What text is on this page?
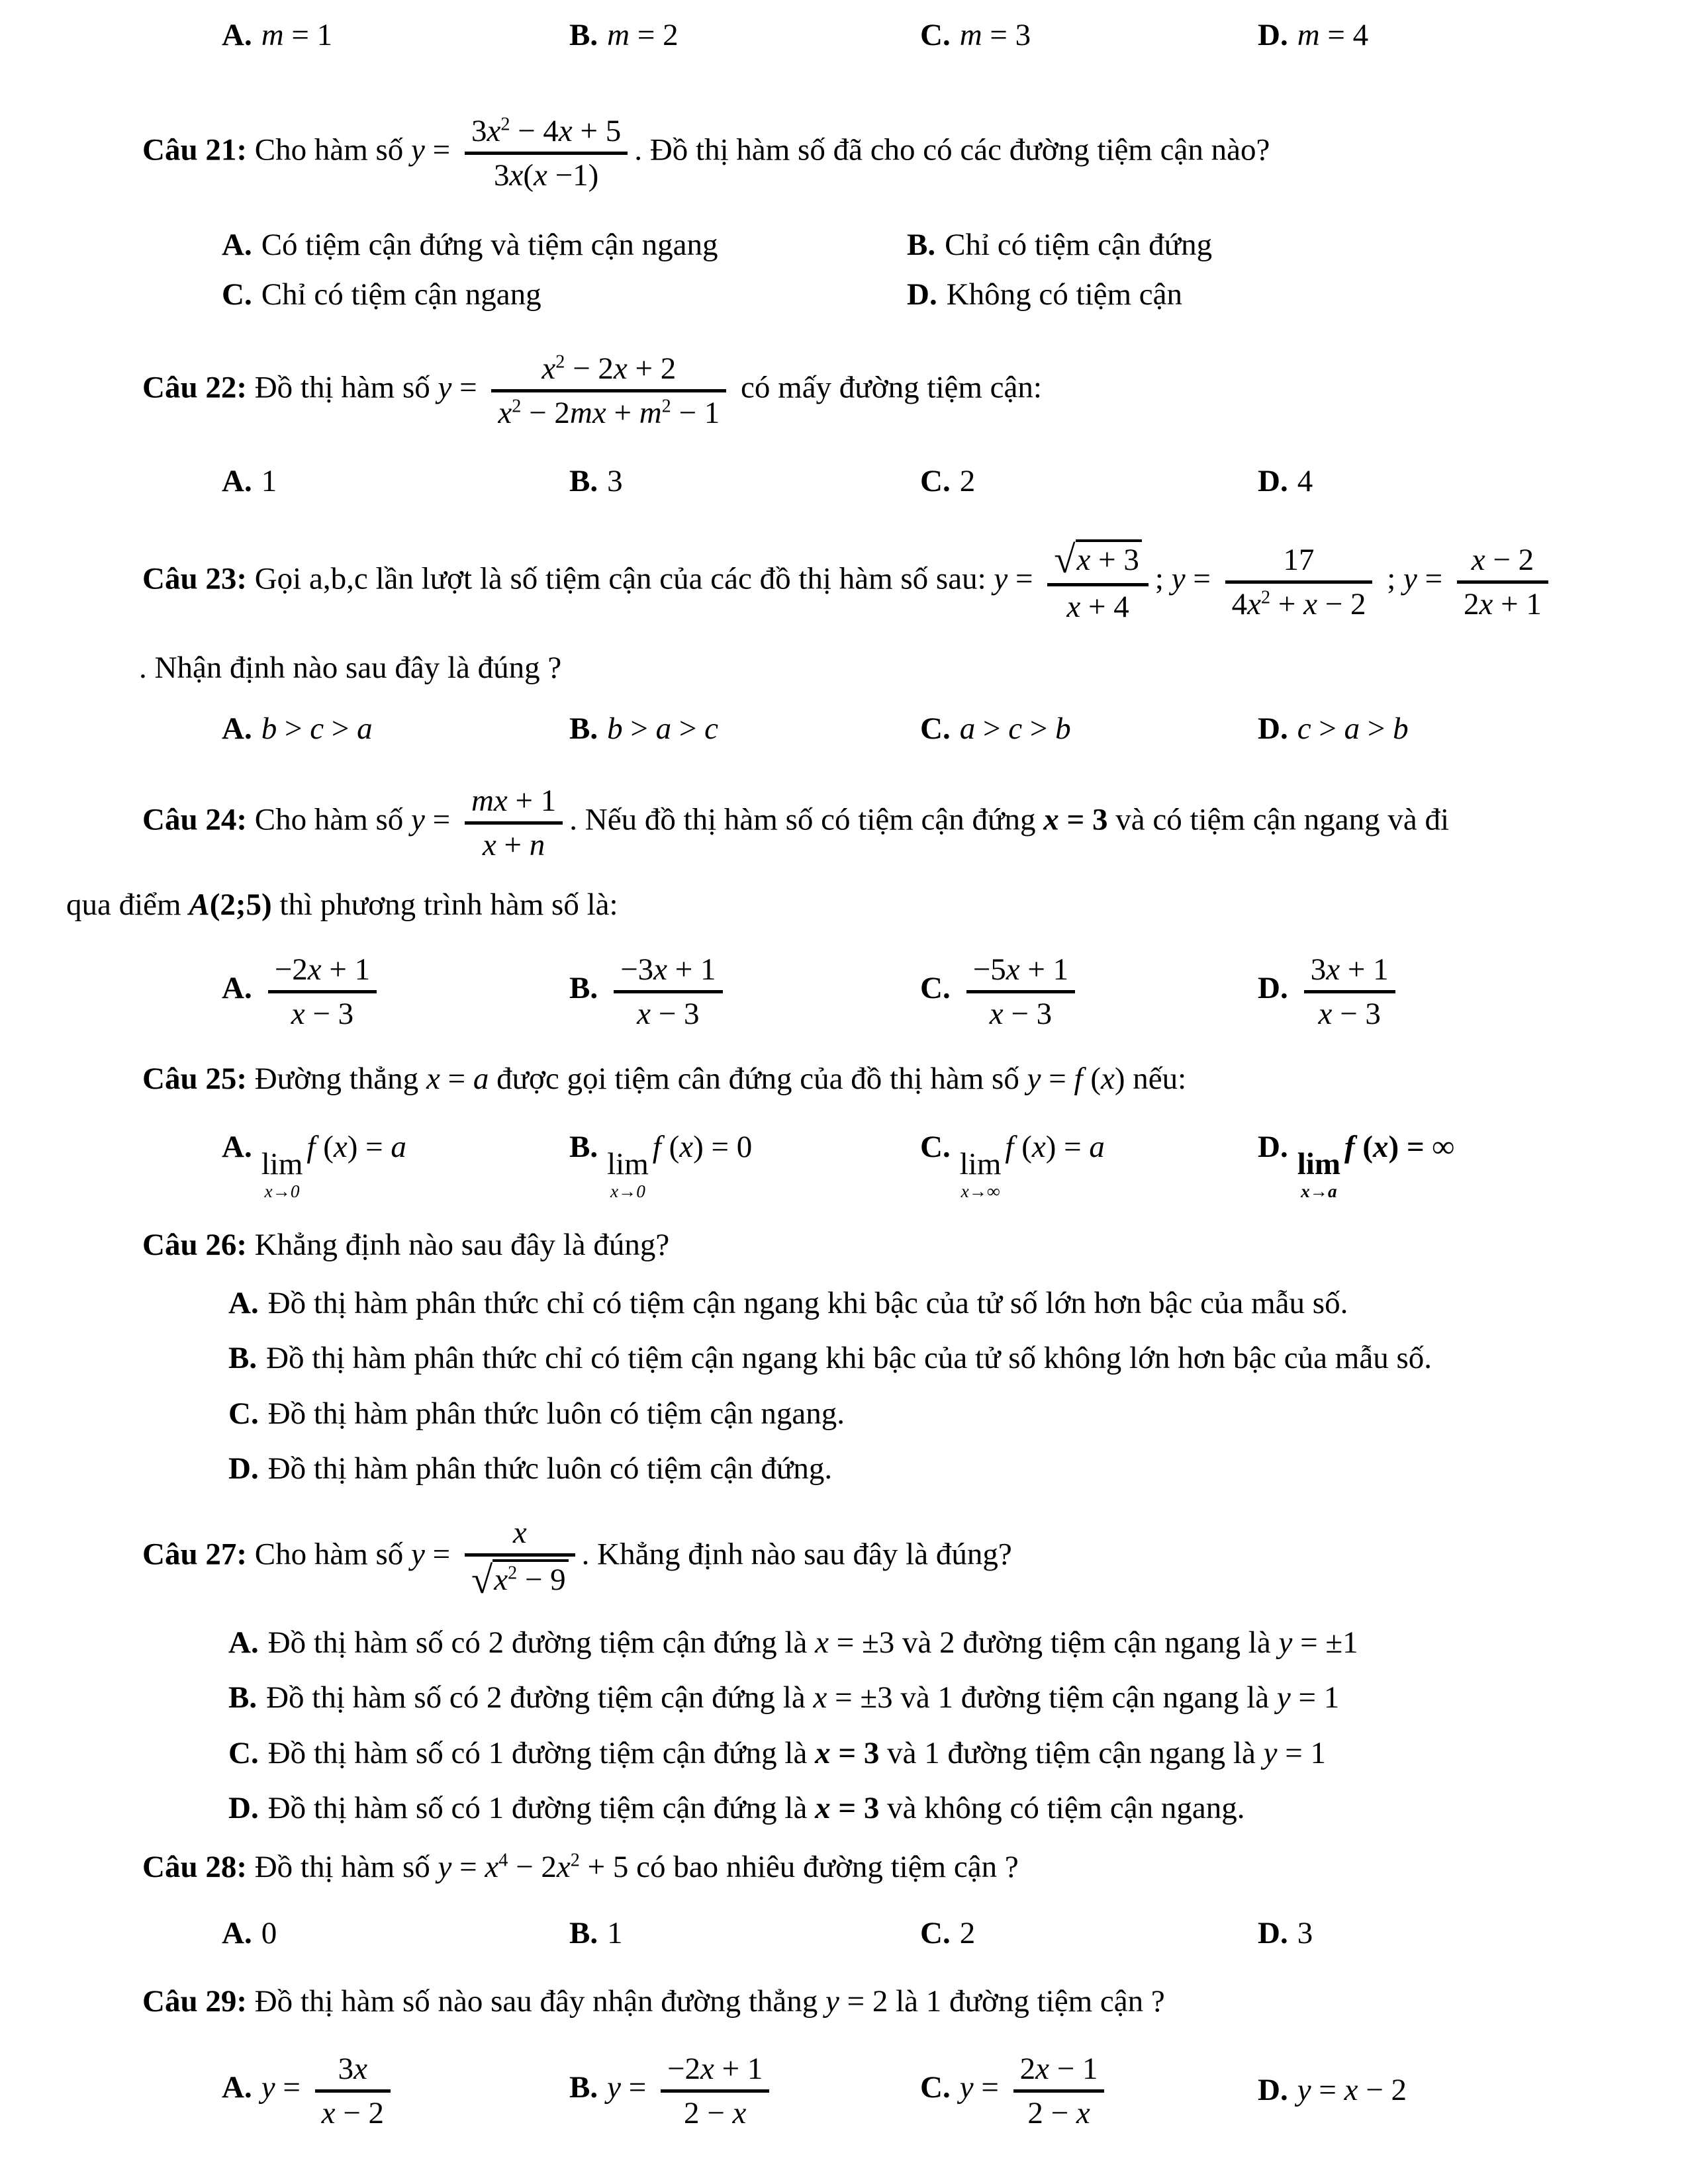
A. m = 1	B. m = 2	C. m = 3	D. m = 4

Câu 21: Cho hàm số $y = \frac{3x^2 - 4x + 5}{3x(x -1)}$ . Đồ thị hàm số đã cho có các đường tiệm cận nào?

A. Có tiệm cận đứng và tiệm cận ngang	B. Chỉ có tiệm cận đứng
C. Chỉ có tiệm cận ngang	D. Không có tiệm cận

Câu 22: Đồ thị hàm số $y = \frac{x^2 - 2x + 2}{x^2 - 2mx + m^2 - 1}$ có mấy đường tiệm cận:

A. 1	B. 3	C. 2	D. 4

Câu 23: Gọi a,b,c lần lượt là số tiệm cận của các đồ thị hàm số sau: $y = \frac{√ x + 3}{x + 4}$ ; $y = \frac{17}{4x^2 + x - 2}$ ; $y = \frac{x - 2}{2x + 1}$

. Nhận định nào sau đây là đúng ?

A. b > c > a	B. b > a > c	C. a > c > b	D. c > a > b

Câu 24: Cho hàm số $y = \frac{mx + 1}{x + n}$ . Nếu đồ thị hàm số có tiệm cận đứng x = 3 và có tiệm cận ngang và đi

qua điểm A(2;5) thì phương trình hàm số là:

A. $\frac{-2x + 1}{x - 3}$	B. $\frac{-3x + 1}{x - 3}$	C. $\frac{-5x + 1}{x - 3}$	D. $\frac{3x + 1}{x - 3}$

Câu 25: Đường thẳng x = a được gọi tiệm cân đứng của đồ thị hàm số y = f (x) nếu:

A. lim
x→0
f (x) = a	B. lim
x→0
f (x) = 0	C. lim
x→∞
f (x) = a	D. lim
x→a
f (x) = ∞

Câu 26: Khẳng định nào sau đây là đúng?

A. Đồ thị hàm phân thức chỉ có tiệm cận ngang khi bậc của tử số lớn hơn bậc của mẫu số.
B. Đồ thị hàm phân thức chỉ có tiệm cận ngang khi bậc của tử số không lớn hơn bậc của mẫu số.
C. Đồ thị hàm phân thức luôn có tiệm cận ngang.
D. Đồ thị hàm phân thức luôn có tiệm cận đứng.

Câu 27: Cho hàm số $y = \frac{x}{√ x^2 - 9}$ . Khẳng định nào sau đây là đúng?

A. Đồ thị hàm số có 2 đường tiệm cận đứng là x = ±3 và 2 đường tiệm cận ngang là y = ±1
B. Đồ thị hàm số có 2 đường tiệm cận đứng là x = ±3 và 1 đường tiệm cận ngang là y = 1
C. Đồ thị hàm số có 1 đường tiệm cận đứng là x = 3 và 1 đường tiệm cận ngang là y = 1
D. Đồ thị hàm số có 1 đường tiệm cận đứng là x = 3 và không có tiệm cận ngang.

Câu 28: Đồ thị hàm số $y = x^4 - 2x^2 + 5$ có bao nhiêu đường tiệm cận ?

A. 0	B. 1	C. 2	D. 3

Câu 29: Đồ thị hàm số nào sau đây nhận đường thẳng y = 2 là 1 đường tiệm cận ?

A. $y = \frac{3x}{x - 2}$	B. $y = \frac{-2x + 1}{2 - x}$	C. $y = \frac{2x - 1}{2 - x}$	D. y = x − 2
